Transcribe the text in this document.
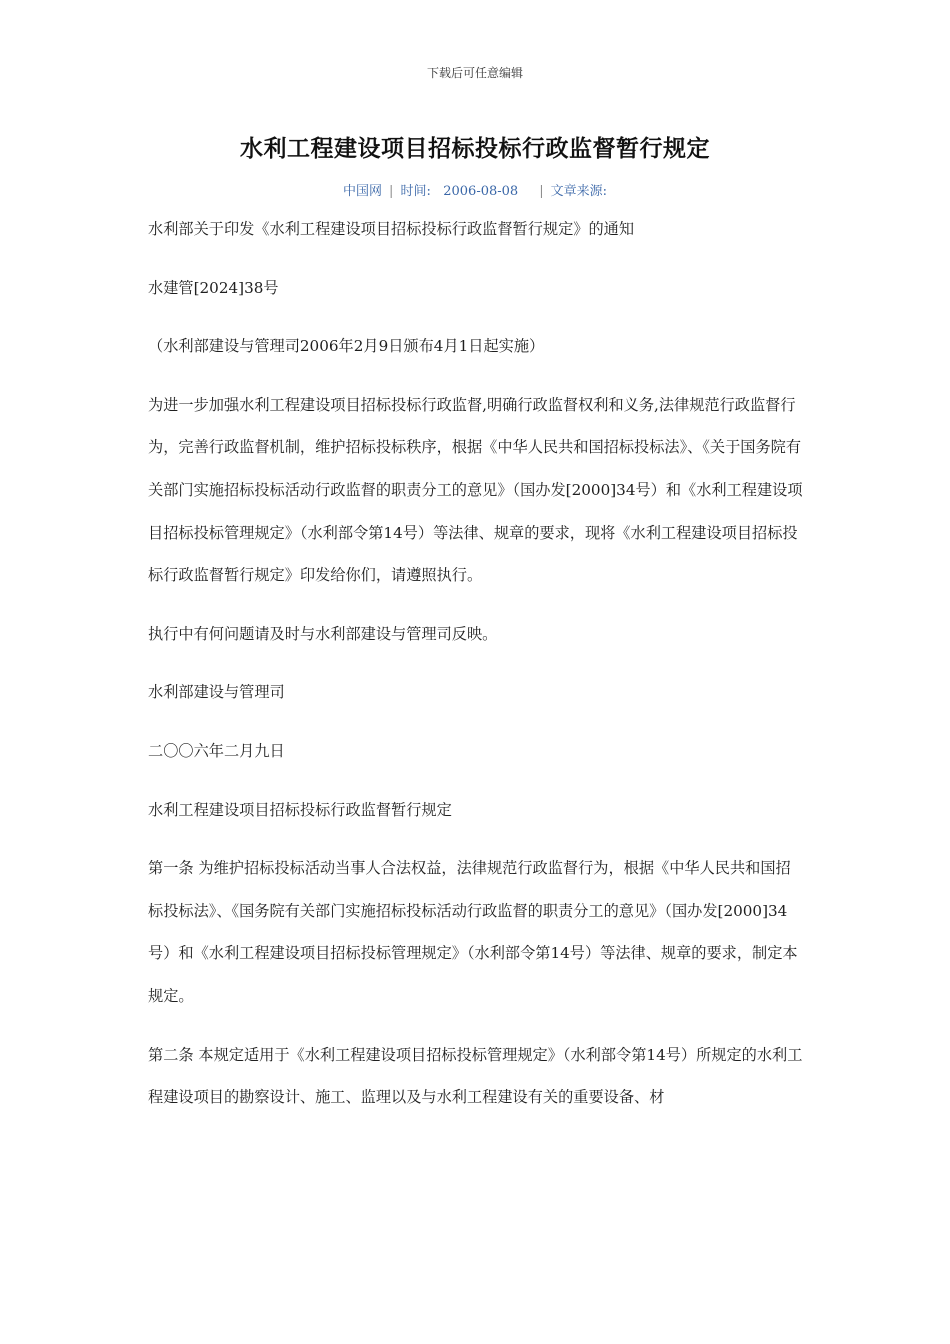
下载后可任意编辑
水利工程建设项目招标投标行政监督暂行规定
中国网 | 时间: 2006-08-08 | 文章来源:

水利部关于印发《水利工程建设项目招标投标行政监督暂行规定》的通知

水建管[2024]38号

（水利部建设与管理司2006年2月9日颁布4月1日起实施）

为进一步加强水利工程建设项目招标投标行政监督,明确行政监督权利和义务,法律规范行政监督行为，完善行政监督机制，维护招标投标秩序，根据《中华人民共和国招标投标法》、《关于国务院有关部门实施招标投标活动行政监督的职责分工的意见》（国办发[2000]34号）和《水利工程建设项目招标投标管理规定》（水利部令第14号）等法律、规章的要求，现将《水利工程建设项目招标投标行政监督暂行规定》印发给你们，请遵照执行。

执行中有何问题请及时与水利部建设与管理司反映。

水利部建设与管理司

二〇〇六年二月九日

水利工程建设项目招标投标行政监督暂行规定

第一条 为维护招标投标活动当事人合法权益，法律规范行政监督行为，根据《中华人民共和国招标投标法》、《国务院有关部门实施招标投标活动行政监督的职责分工的意见》（国办发[2000]34号）和《水利工程建设项目招标投标管理规定》（水利部令第14号）等法律、规章的要求，制定本规定。

第二条 本规定适用于《水利工程建设项目招标投标管理规定》（水利部令第14号）所规定的水利工程建设项目的勘察设计、施工、监理以及与水利工程建设有关的重要设备、材
